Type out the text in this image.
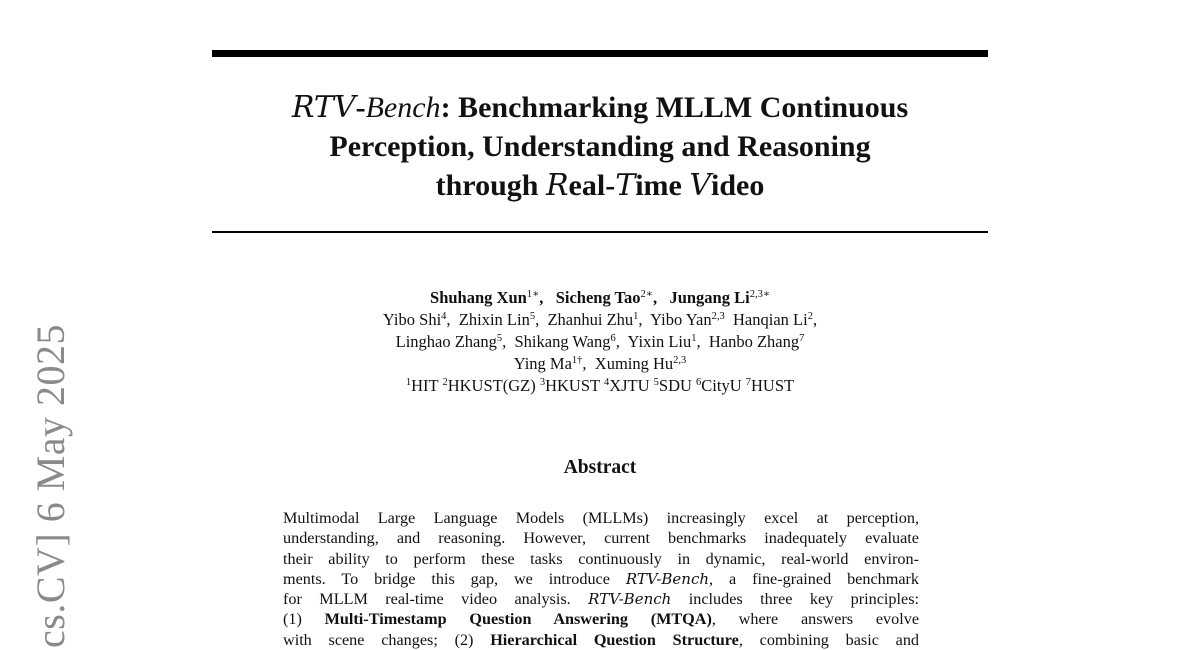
RTV-Bench: Benchmarking MLLM Continuous
Perception, Understanding and Reasoning
through Real-Time Video
Shuhang Xun$^{1∗}$,   Sicheng Tao$^{2∗}$,   Jungang $Li^{2,3∗}$
Yibo Shi$^4$,  Zhixin Lin$^5$,  Zhanhui Zhu$^1$,  Yibo Yan$^{2,3}$ Hanqian Li$^2$,
Linghao Zhang$^5$,  Shikang Wang$^6$,  Yixin Liu$^1$,  Hanbo Zhang$^7$
Ying $Ma^{1\dagger}$,  Xuming Hu$^{2,3}$
$^1$HIT $^2$HKUST(GZ) $^3$HKUST $^4$XJTU $^5$SDU $^6$CityU $^7$HUST
Abstract
Multimodal Large Language Models (MLLMs) increasingly excel at perception,
understanding, and reasoning. However, current benchmarks inadequately evaluate
their ability to perform these tasks continuously in dynamic, real-world environ-
ments. To bridge this gap, we introduce RTV-Bench, a fine-grained benchmark
for MLLM real-time video analysis. RTV-Bench includes three key principles:
(1) Multi-Timestamp Question Answering (MTQA), where answers evolve
with scene changes; (2) Hierarchical Question Structure, combining basic and
cs.CV] 6 May 2025
